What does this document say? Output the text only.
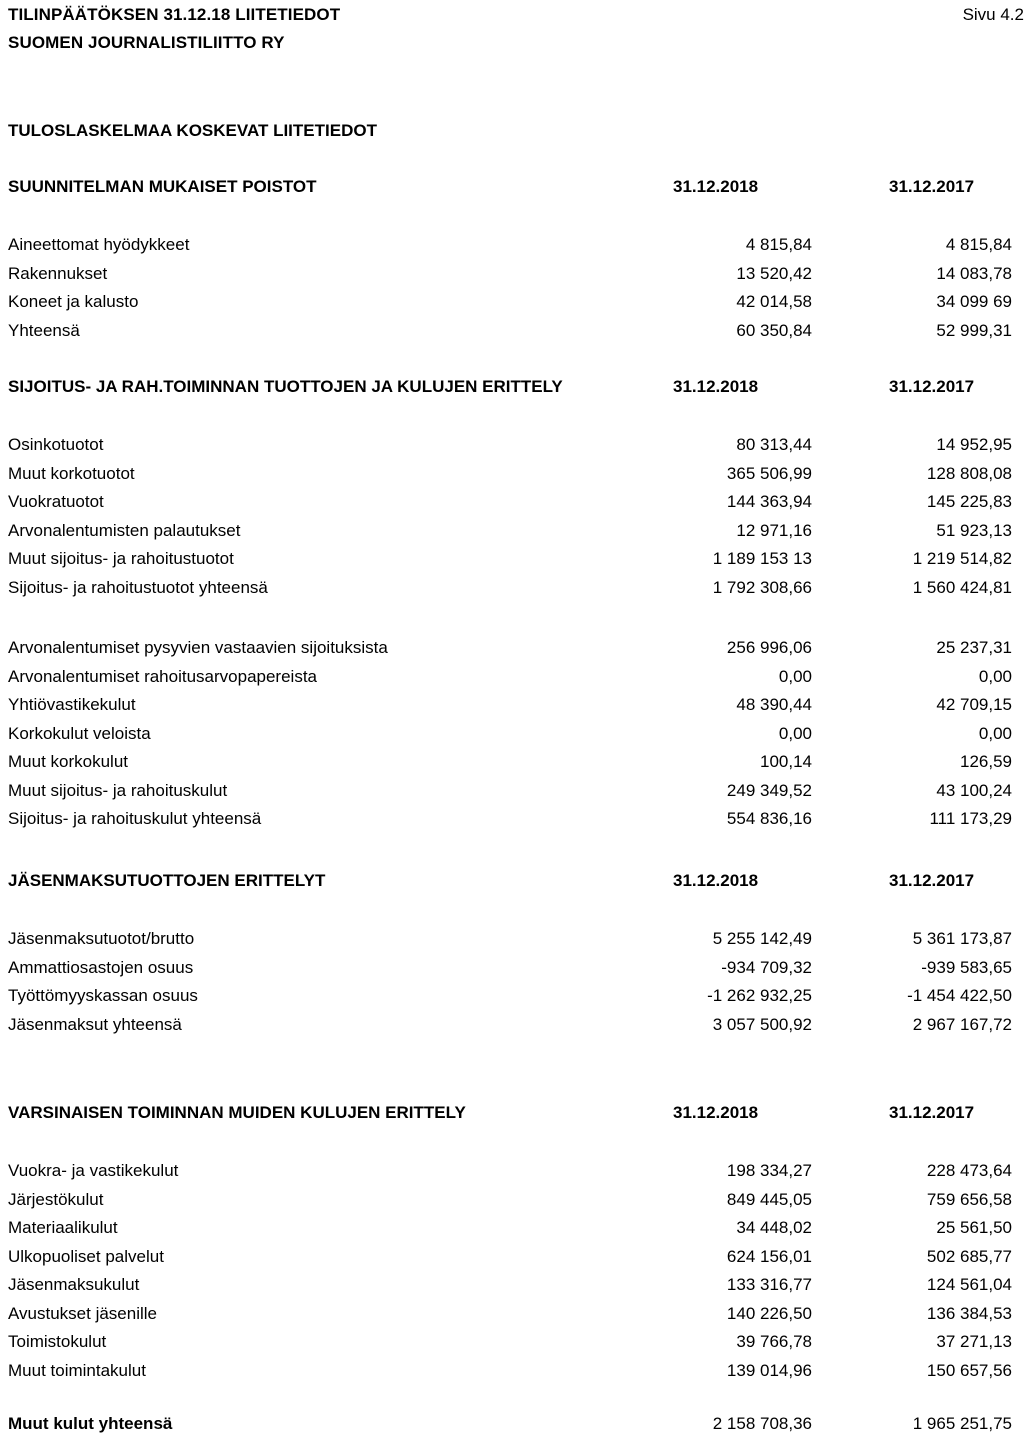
TILINPÄÄTÖKSEN 31.12.18 LIITETIEDOT
SUOMEN JOURNALISTILIITTO RY
Sivu 4.2
TULOSLASKELMAA KOSKEVAT LIITETIEDOT
SUUNNITELMAN MUKAISET POISTOT	31.12.2018	31.12.2017
Aineettomat hyödykkeet	4 815,84	4 815,84
Rakennukset	13 520,42	14 083,78
Koneet ja kalusto	42 014,58	34 099 69
Yhteensä	60 350,84	52 999,31
SIJOITUS- JA RAH.TOIMINNAN TUOTTOJEN JA KULUJEN ERITTELY	31.12.2018	31.12.2017
Osinkotuotot	80 313,44	14 952,95
Muut korkotuotot	365 506,99	128 808,08
Vuokratuotot	144 363,94	145 225,83
Arvonalentumisten palautukset	12 971,16	51 923,13
Muut sijoitus- ja rahoitustuotot	1 189 153 13	1 219 514,82
Sijoitus- ja rahoitustuotot yhteensä	1 792 308,66	1 560 424,81
Arvonalentumiset pysyvien vastaavien sijoituksista	256 996,06	25 237,31
Arvonalentumiset rahoitusarvopapereista	0,00	0,00
Yhtiövastikekulut	48 390,44	42 709,15
Korkokulut veloista	0,00	0,00
Muut korkokulut	100,14	126,59
Muut sijoitus- ja rahoituskulut	249 349,52	43 100,24
Sijoitus- ja rahoituskulut yhteensä	554 836,16	111 173,29
JÄSENMAKSUTUOTTOJEN ERITTELYT	31.12.2018	31.12.2017
Jäsenmaksutuotot/brutto	5 255 142,49	5 361 173,87
Ammattiosastojen osuus	-934 709,32	-939 583,65
Työttömyyskassan osuus	-1 262 932,25	-1 454 422,50
Jäsenmaksut yhteensä	3 057 500,92	2 967 167,72
VARSINAISEN TOIMINNAN MUIDEN KULUJEN ERITTELY	31.12.2018	31.12.2017
Vuokra- ja vastikekulut	198 334,27	228 473,64
Järjestökulut	849 445,05	759 656,58
Materiaalikulut	34 448,02	25 561,50
Ulkopuoliset palvelut	624 156,01	502 685,77
Jäsenmaksukulut	133 316,77	124 561,04
Avustukset jäsenille	140 226,50	136 384,53
Toimistokulut	39 766,78	37 271,13
Muut toimintakulut	139 014,96	150 657,56
Muut kulut yhteensä	2 158 708,36	1 965 251,75
